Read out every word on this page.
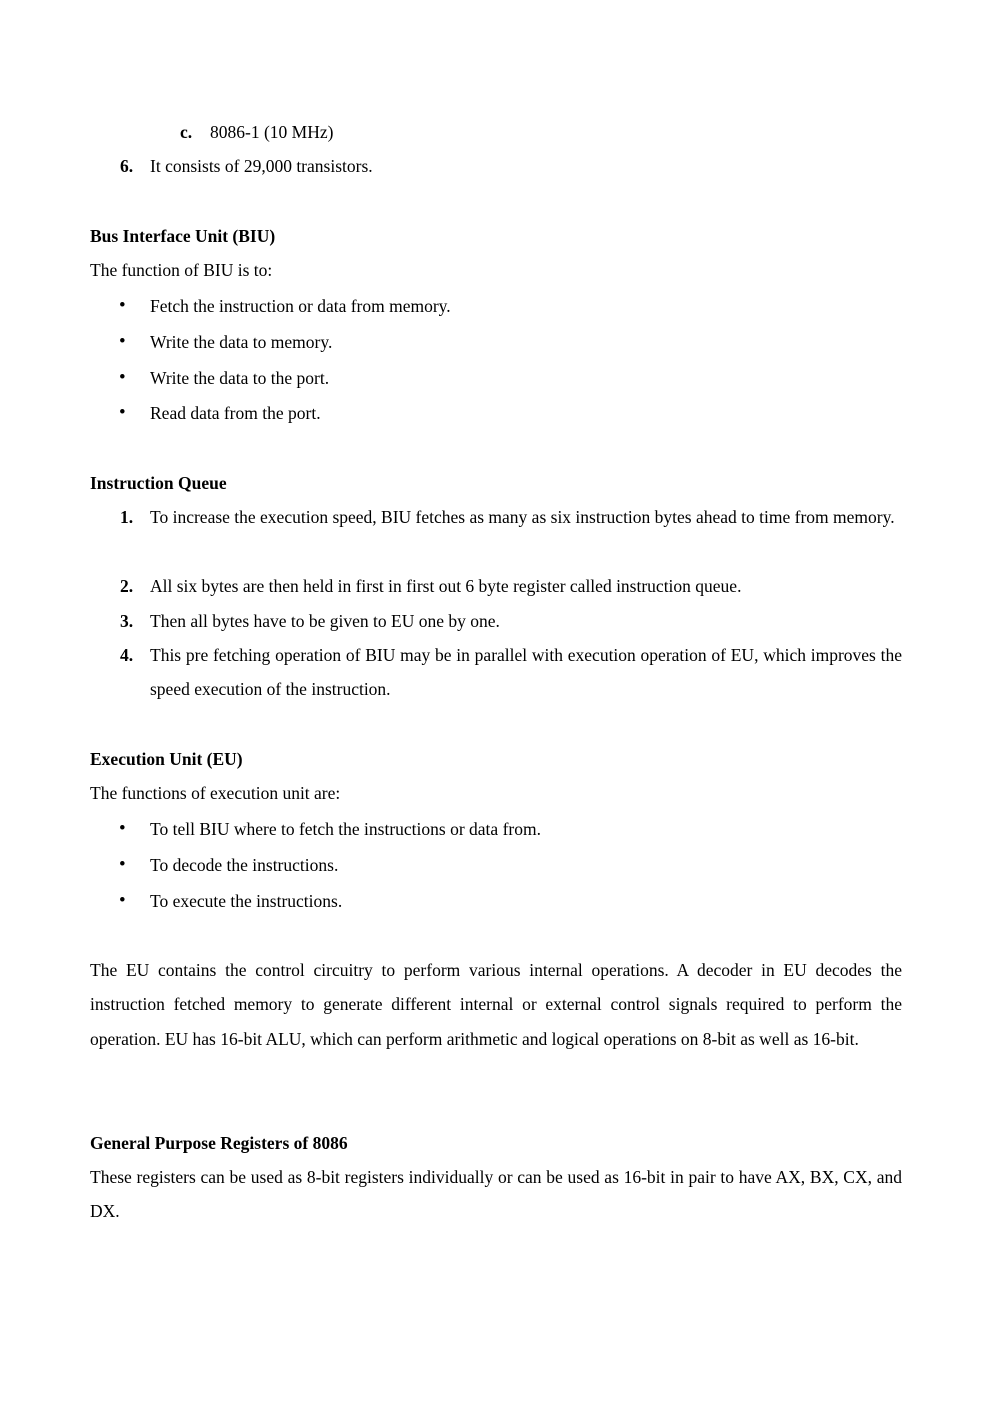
c. 8086-1 (10 MHz)
6. It consists of 29,000 transistors.
Bus Interface Unit (BIU)
The function of BIU is to:
• Fetch the instruction or data from memory.
• Write the data to memory.
• Write the data to the port.
• Read data from the port.
Instruction Queue
1. To increase the execution speed, BIU fetches as many as six instruction bytes ahead to time from memory.
2. All six bytes are then held in first in first out 6 byte register called instruction queue.
3. Then all bytes have to be given to EU one by one.
4. This pre fetching operation of BIU may be in parallel with execution operation of EU, which improves the speed execution of the instruction.
Execution Unit (EU)
The functions of execution unit are:
• To tell BIU where to fetch the instructions or data from.
• To decode the instructions.
• To execute the instructions.
The EU contains the control circuitry to perform various internal operations. A decoder in EU decodes the instruction fetched memory to generate different internal or external control signals required to perform the operation. EU has 16-bit ALU, which can perform arithmetic and logical operations on 8-bit as well as 16-bit.
General Purpose Registers of 8086
These registers can be used as 8-bit registers individually or can be used as 16-bit in pair to have AX, BX, CX, and DX.
